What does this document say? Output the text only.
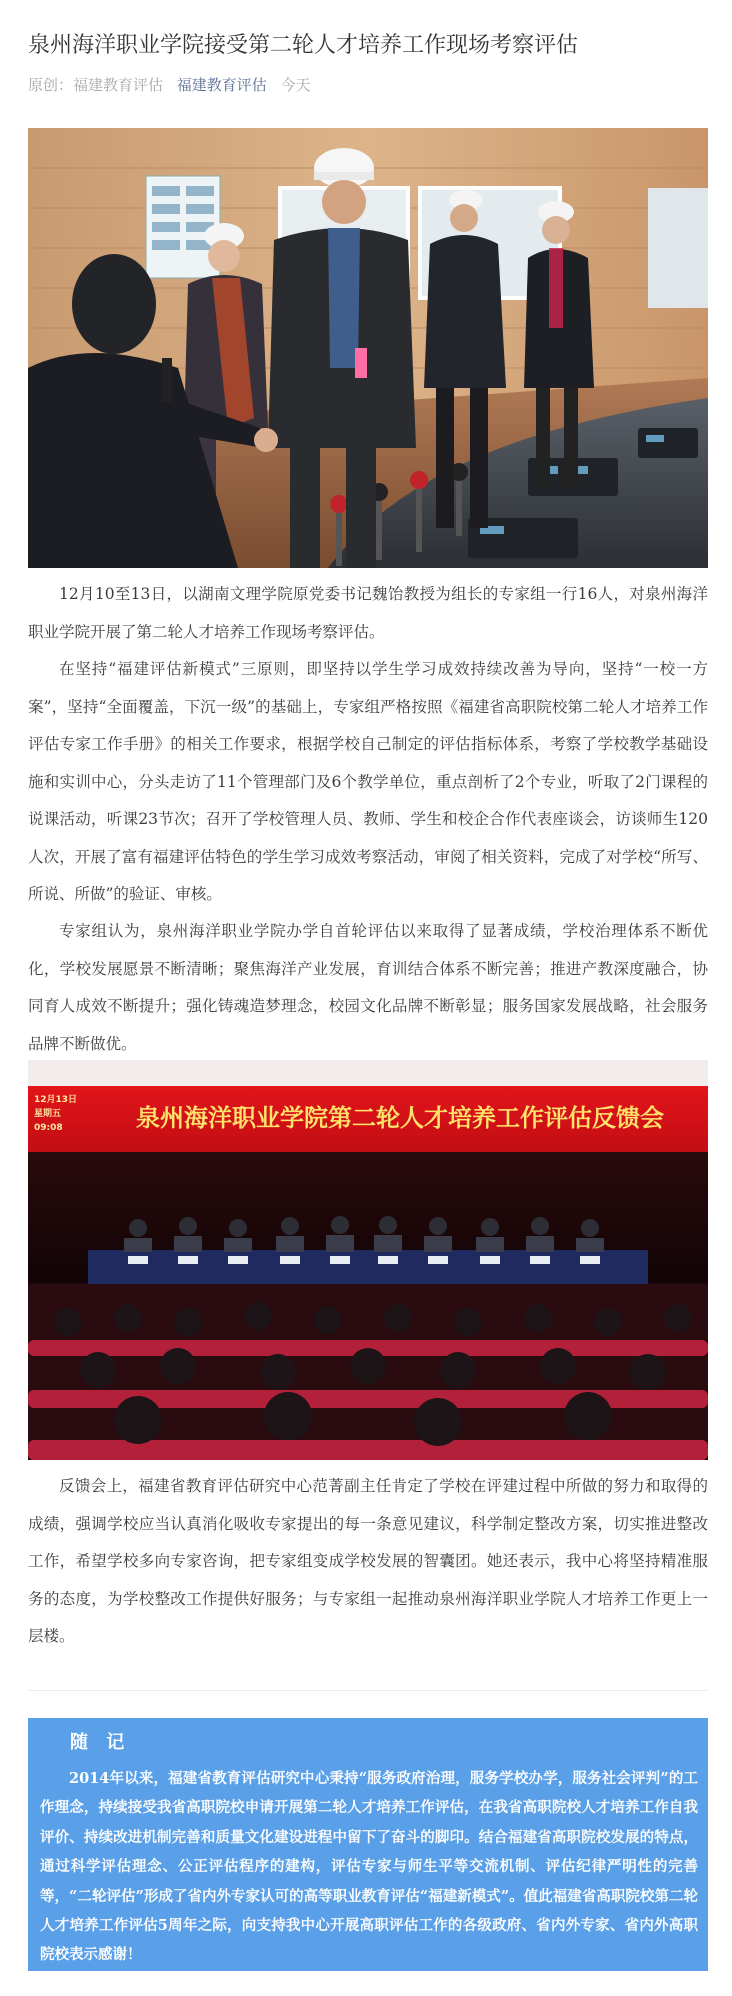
泉州海洋职业学院接受第二轮人才培养工作现场考察评估
原创：福建教育评估 福建教育评估 今天

12月10至13日，以湖南文理学院原党委书记魏饴教授为组长的专家组一行16人，对泉州海洋职业学院开展了第二轮人才培养工作现场考察评估。

在坚持“福建评估新模式”三原则，即坚持以学生学习成效持续改善为导向，坚持“一校一方案”，坚持“全面覆盖，下沉一级”的基础上，专家组严格按照《福建省高职院校第二轮人才培养工作评估专家工作手册》的相关工作要求，根据学校自己制定的评估指标体系，考察了学校教学基础设施和实训中心，分头走访了11个管理部门及6个教学单位，重点剖析了2个专业，听取了2门课程的说课活动，听课23节次；召开了学校管理人员、教师、学生和校企合作代表座谈会，访谈师生120人次，开展了富有福建评估特色的学生学习成效考察活动，审阅了相关资料，完成了对学校“所写、所说、所做”的验证、审核。

专家组认为，泉州海洋职业学院办学自首轮评估以来取得了显著成绩，学校治理体系不断优化，学校发展愿景不断清晰；聚焦海洋产业发展，育训结合体系不断完善；推进产教深度融合，协同育人成效不断提升；强化铸魂造梦理念，校园文化品牌不断彰显；服务国家发展战略，社会服务品牌不断做优。

泉州海洋职业学院第二轮人才培养工作评估反馈会
12月13日
星期五
09:08

反馈会上，福建省教育评估研究中心范菁副主任肯定了学校在评建过程中所做的努力和取得的成绩，强调学校应当认真消化吸收专家提出的每一条意见建议，科学制定整改方案，切实推进整改工作，希望学校多向专家咨询，把专家组变成学校发展的智囊团。她还表示，我中心将坚持精准服务的态度，为学校整改工作提供好服务；与专家组一起推动泉州海洋职业学院人才培养工作更上一层楼。

随 记

2014年以来，福建省教育评估研究中心秉持“服务政府治理，服务学校办学，服务社会评判”的工作理念，持续接受我省高职院校申请开展第二轮人才培养工作评估，在我省高职院校人才培养工作自我评价、持续改进机制完善和质量文化建设进程中留下了奋斗的脚印。结合福建省高职院校发展的特点，通过科学评估理念、公正评估程序的建构，评估专家与师生平等交流机制、评估纪律严明性的完善等，“二轮评估”形成了省内外专家认可的高等职业教育评估“福建新模式”。值此福建省高职院校第二轮人才培养工作评估5周年之际，向支持我中心开展高职评估工作的各级政府、省内外专家、省内外高职院校表示感谢！
